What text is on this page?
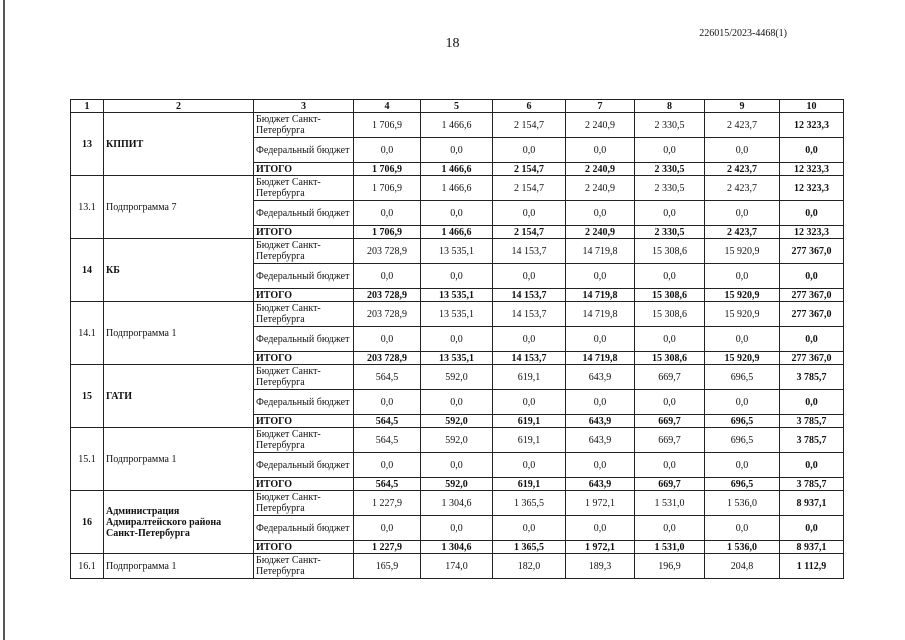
18
226015/2023-4468(1)
1	2	3	4	5	6	7	8	9	10
13	КППИТ	Бюджет Санкт-Петербурга	1 706,9	1 466,6	2 154,7	2 240,9	2 330,5	2 423,7	12 323,3
		Федеральный бюджет	0,0	0,0	0,0	0,0	0,0	0,0	0,0
		ИТОГО	1 706,9	1 466,6	2 154,7	2 240,9	2 330,5	2 423,7	12 323,3
13.1	Подпрограмма 7	Бюджет Санкт-Петербурга	1 706,9	1 466,6	2 154,7	2 240,9	2 330,5	2 423,7	12 323,3
		Федеральный бюджет	0,0	0,0	0,0	0,0	0,0	0,0	0,0
		ИТОГО	1 706,9	1 466,6	2 154,7	2 240,9	2 330,5	2 423,7	12 323,3
14	КБ	Бюджет Санкт-Петербурга	203 728,9	13 535,1	14 153,7	14 719,8	15 308,6	15 920,9	277 367,0
		Федеральный бюджет	0,0	0,0	0,0	0,0	0,0	0,0	0,0
		ИТОГО	203 728,9	13 535,1	14 153,7	14 719,8	15 308,6	15 920,9	277 367,0
14.1	Подпрограмма 1	Бюджет Санкт-Петербурга	203 728,9	13 535,1	14 153,7	14 719,8	15 308,6	15 920,9	277 367,0
		Федеральный бюджет	0,0	0,0	0,0	0,0	0,0	0,0	0,0
		ИТОГО	203 728,9	13 535,1	14 153,7	14 719,8	15 308,6	15 920,9	277 367,0
15	ГАТИ	Бюджет Санкт-Петербурга	564,5	592,0	619,1	643,9	669,7	696,5	3 785,7
		Федеральный бюджет	0,0	0,0	0,0	0,0	0,0	0,0	0,0
		ИТОГО	564,5	592,0	619,1	643,9	669,7	696,5	3 785,7
15.1	Подпрограмма 1	Бюджет Санкт-Петербурга	564,5	592,0	619,1	643,9	669,7	696,5	3 785,7
		Федеральный бюджет	0,0	0,0	0,0	0,0	0,0	0,0	0,0
		ИТОГО	564,5	592,0	619,1	643,9	669,7	696,5	3 785,7
16	Администрация Адмиралтейского района Санкт-Петербурга	Бюджет Санкт-Петербурга	1 227,9	1 304,6	1 365,5	1 972,1	1 531,0	1 536,0	8 937,1
		Федеральный бюджет	0,0	0,0	0,0	0,0	0,0	0,0	0,0
		ИТОГО	1 227,9	1 304,6	1 365,5	1 972,1	1 531,0	1 536,0	8 937,1
16.1	Подпрограмма 1	Бюджет Санкт-Петербурга	165,9	174,0	182,0	189,3	196,9	204,8	1 112,9
